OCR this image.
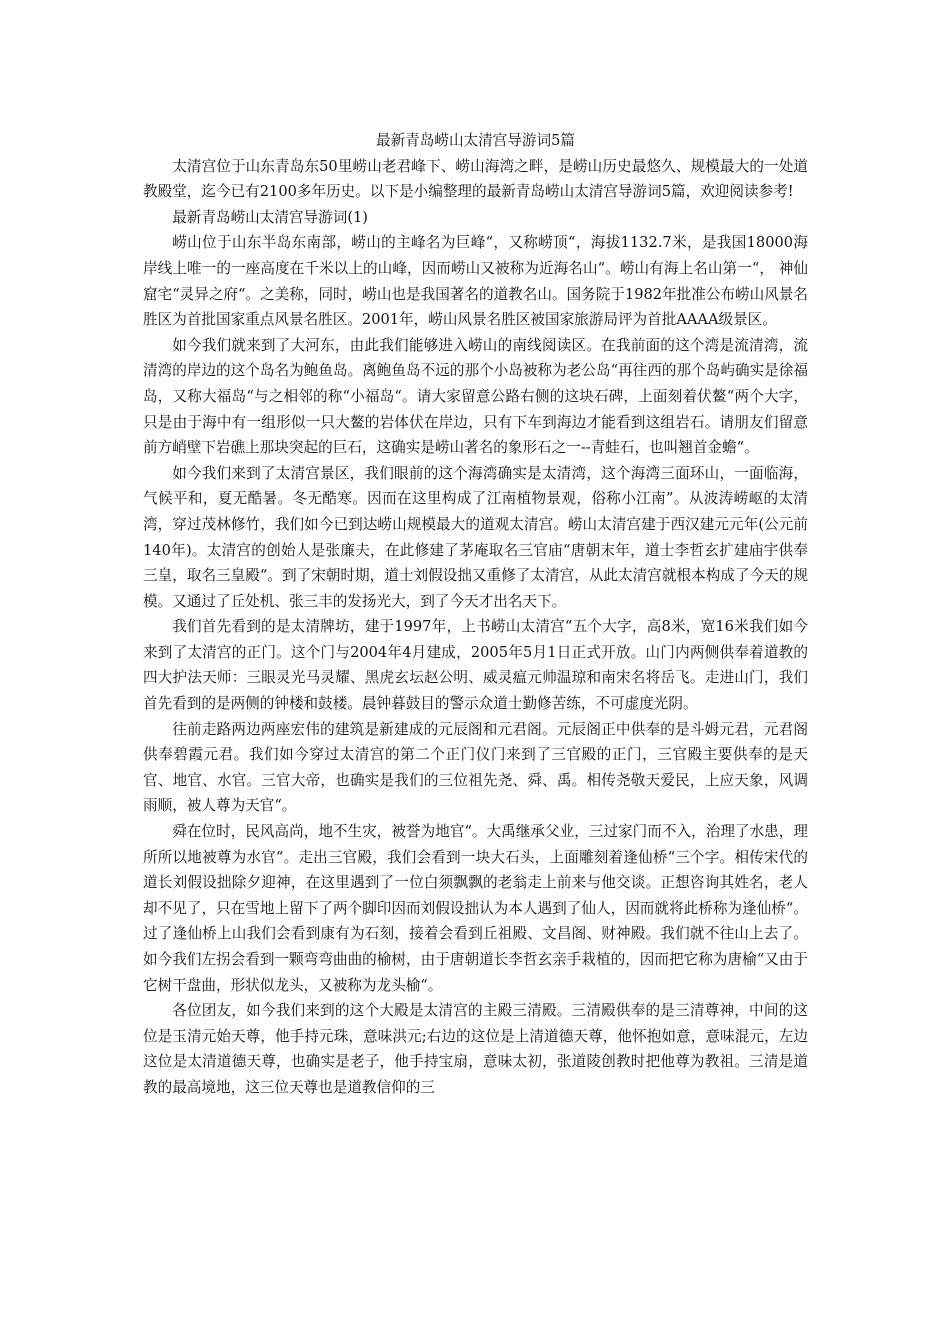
最新青岛崂山太清宫导游词5篇

太清宫位于山东青岛东50里崂山老君峰下、崂山海湾之畔，是崂山历史最悠久、规模最大的一处道教殿堂，迄今已有2100多年历史。以下是小编整理的最新青岛崂山太清宫导游词5篇，欢迎阅读参考!

最新青岛崂山太清宫导游词(1)

崂山位于山东半岛东南部，崂山的主峰名为巨峰“，又称崂顶“，海拔1132.7米，是我国18000海岸线上唯一的一座高度在千米以上的山峰，因而崂山又被称为近海名山“。崂山有海上名山第一“， 神仙窟宅“灵异之府“。之美称，同时，崂山也是我国著名的道教名山。国务院于1982年批准公布崂山风景名胜区为首批国家重点风景名胜区。2001年，崂山风景名胜区被国家旅游局评为首批AAAA级景区。

如今我们就来到了大河东，由此我们能够进入崂山的南线阅读区。在我前面的这个湾是流清湾，流清湾的岸边的这个岛名为鲍鱼岛。离鲍鱼岛不远的那个小岛被称为老公岛“再往西的那个岛屿确实是徐福岛，又称大福岛“与之相邻的称“小福岛“。请大家留意公路右侧的这块石碑，上面刻着伏鳌“两个大字，只是由于海中有一组形似一只大鳌的岩体伏在岸边，只有下车到海边才能看到这组岩石。请朋友们留意前方峭壁下岩礁上那块突起的巨石，这确实是崂山著名的象形石之一--青蛙石，也叫翘首金蟾“。

如今我们来到了太清宫景区，我们眼前的这个海湾确实是太清湾，这个海湾三面环山，一面临海，气候平和，夏无酷暑。冬无酷寒。因而在这里构成了江南植物景观，俗称小江南”。从波涛崂岖的太清湾，穿过茂林修竹，我们如今已到达崂山规模最大的道观太清宫。崂山太清宫建于西汉建元元年(公元前140年)。太清宫的创始人是张廉夫，在此修建了茅庵取名三官庙“唐朝末年，道士李哲玄扩建庙宇供奉三皇，取名三皇殿“。到了宋朝时期，道士刘假设拙又重修了太清宫，从此太清宫就根本构成了今天的规模。又通过了丘处机、张三丰的发扬光大，到了今天才出名天下。

我们首先看到的是太清牌坊，建于1997年，上书崂山太清宫“五个大字，高8米，宽16米我们如今来到了太清宫的正门。这个门与2004年4月建成，2005年5月1日正式开放。山门内两侧供奉着道教的四大护法天师：三眼灵光马灵耀、黑虎玄坛赵公明、威灵瘟元帅温琼和南宋名将岳飞。走进山门，我们首先看到的是两侧的钟楼和鼓楼。晨钟暮鼓目的警示众道士勤修苦练，不可虚度光阴。

往前走路两边两座宏伟的建筑是新建成的元辰阁和元君阁。元辰阁正中供奉的是斗姆元君，元君阁供奉碧霞元君。我们如今穿过太清宫的第二个正门仪门来到了三官殿的正门，三官殿主要供奉的是天官、地官、水官。三官大帝，也确实是我们的三位祖先尧、舜、禹。相传尧敬天爱民，上应天象，风调雨顺，被人尊为天官“。

舜在位时，民风高尚，地不生灾，被誉为地官“。大禹继承父业，三过家门而不入，治理了水患，理所所以地被尊为水官“。走出三官殿，我们会看到一块大石头，上面雕刻着逢仙桥“三个字。相传宋代的道长刘假设拙除夕迎神，在这里遇到了一位白须飘飘的老翁走上前来与他交谈。正想咨询其姓名，老人却不见了，只在雪地上留下了两个脚印因而刘假设拙认为本人遇到了仙人，因而就将此桥称为逢仙桥“。过了逢仙桥上山我们会看到康有为石刻，接着会看到丘祖殿、文昌阁、财神殿。我们就不往山上去了。如今我们左拐会看到一颗弯弯曲曲的榆树，由于唐朝道长李哲玄亲手栽植的，因而把它称为唐榆“又由于它树干盘曲，形状似龙头，又被称为龙头榆“。

各位团友，如今我们来到的这个大殿是太清宫的主殿三清殿。三清殿供奉的是三清尊神，中间的这位是玉清元始天尊，他手持元珠，意味洪元;右边的这位是上清道德天尊，他怀抱如意，意味混元，左边这位是太清道德天尊，也确实是老子，他手持宝扇，意味太初，张道陵创教时把他尊为教祖。三清是道教的最高境地，这三位天尊也是道教信仰的三
